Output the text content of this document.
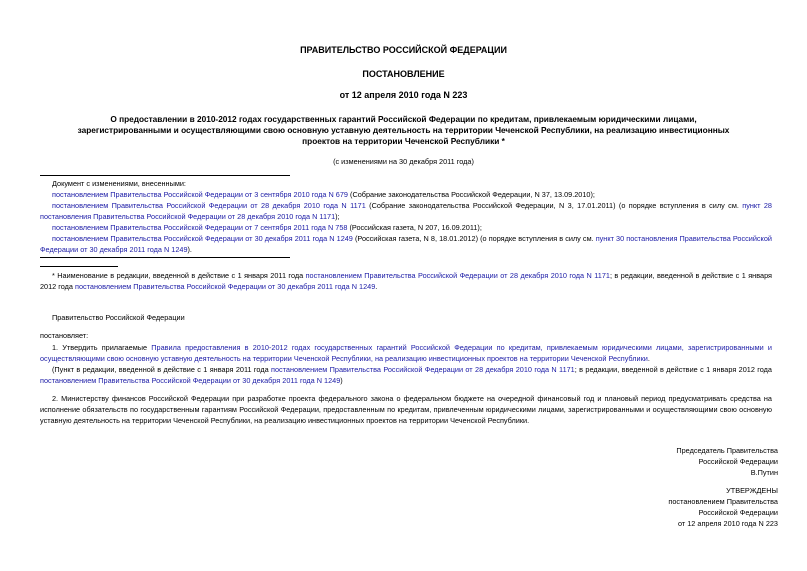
ПРАВИТЕЛЬСТВО РОССИЙСКОЙ ФЕДЕРАЦИИ
ПОСТАНОВЛЕНИЕ
от 12 апреля 2010 года N 223
О предоставлении в 2010-2012 годах государственных гарантий Российской Федерации по кредитам, привлекаемым юридическими лицами,
зарегистрированными и осуществляющими свою основную уставную деятельность на территории Чеченской Республики, на реализацию инвестиционных
проектов на территории Чеченской Республики *
(с изменениями на 30 декабря 2011 года)
Документ с изменениями, внесенными:
постановлением Правительства Российской Федерации от 3 сентября 2010 года N 679 (Собрание законодательства Российской Федерации, N 37, 13.09.2010);
постановлением Правительства Российской Федерации от 28 декабря 2010 года N 1171 (Собрание законодательства Российской Федерации, N 3, 17.01.2011) (о порядке вступления в силу см. пункт 28 постановления Правительства Российской Федерации от 28 декабря 2010 года N 1171);
постановлением Правительства Российской Федерации от 7 сентября 2011 года N 758 (Российская газета, N 207, 16.09.2011);
постановлением Правительства Российской Федерации от 30 декабря 2011 года N 1249 (Российская газета, N 8, 18.01.2012) (о порядке вступления в силу см. пункт 30 постановления Правительства Российской Федерации от 30 декабря 2011 года N 1249).
* Наименование в редакции, введенной в действие с 1 января 2011 года постановлением Правительства Российской Федерации от 28 декабря 2010 года N 1171; в редакции, введенной в действие с 1 января 2012 года постановлением Правительства Российской Федерации от 30 декабря 2011 года N 1249.
Правительство Российской Федерации
постановляет:
1. Утвердить прилагаемые Правила предоставления в 2010-2012 годах государственных гарантий Российской Федерации по кредитам, привлекаемым юридическими лицами, зарегистрированными и осуществляющими свою основную уставную деятельность на территории Чеченской Республики, на реализацию инвестиционных проектов на территории Чеченской Республики.
(Пункт в редакции, введенной в действие с 1 января 2011 года постановлением Правительства Российской Федерации от 28 декабря 2010 года N 1171; в редакции, введенной в действие с 1 января 2012 года постановлением Правительства Российской Федерации от 30 декабря 2011 года N 1249)
2. Министерству финансов Российской Федерации при разработке проекта федерального закона о федеральном бюджете на очередной финансовый год и плановый период предусматривать средства на исполнение обязательств по государственным гарантиям Российской Федерации, предоставленным по кредитам, привлеченным юридическими лицами, зарегистрированными и осуществляющими свою основную уставную деятельность на территории Чеченской Республики, на реализацию инвестиционных проектов на территории Чеченской Республики.
Председатель Правительства
Российской Федерации
В.Путин
УТВЕРЖДЕНЫ
постановлением Правительства
Российской Федерации
от 12 апреля 2010 года N 223
